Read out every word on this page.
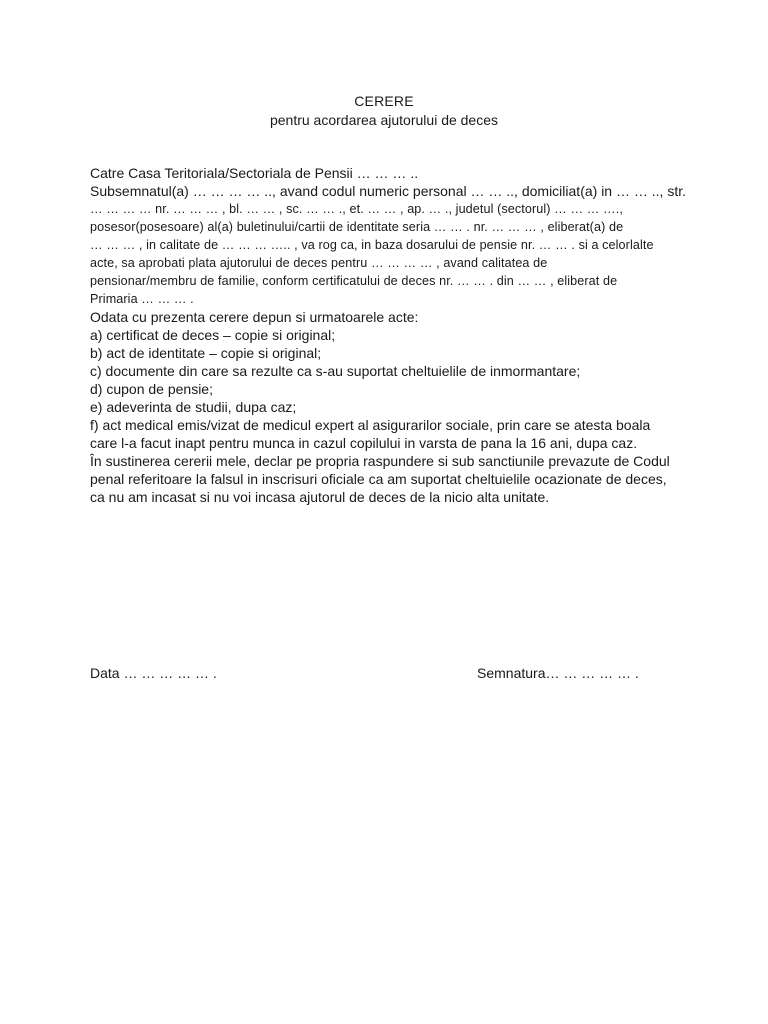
CERERE
pentru acordarea ajutorului de deces
Catre Casa Teritoriala/Sectoriala de Pensii … … … ..
Subsemnatul(a) … … … … .., avand codul numeric personal … … .., domiciliat(a) in … … .., str.
… … … … nr. … … … , bl. … … , sc. … … ., et. … … , ap. … ., judetul (sectorul) … … … ….,
posesor(posesoare) al(a) buletinului/cartii de identitate seria … … . nr. … … … , eliberat(a) de
… … … , in calitate de … … … ….. , va rog ca, in baza dosarului de pensie nr. … … . si a celorlalte
acte, sa aprobati plata ajutorului de deces pentru … … … … , avand calitatea de
pensionar/membru de familie, conform certificatului de deces nr. … … . din … … , eliberat de
Primaria … … … .
Odata cu prezenta cerere depun si urmatoarele acte:
a) certificat de deces – copie si original;
b) act de identitate – copie si original;
c) documente din care sa rezulte ca s-au suportat cheltuielile de inmormantare;
d) cupon de pensie;
e) adeverinta de studii, dupa caz;
f) act medical emis/vizat de medicul expert al asigurarilor sociale, prin care se atesta boala
care l-a facut inapt pentru munca in cazul copilului in varsta de pana la 16 ani, dupa caz.
În sustinerea cererii mele, declar pe propria raspundere si sub sanctiunile prevazute de Codul
penal referitoare la falsul in inscrisuri oficiale ca am suportat cheltuielile ocazionate de deces,
ca nu am incasat si nu voi incasa ajutorul de deces de la nicio alta unitate.
Data … … … … … .	Semnatura… … … … … .
